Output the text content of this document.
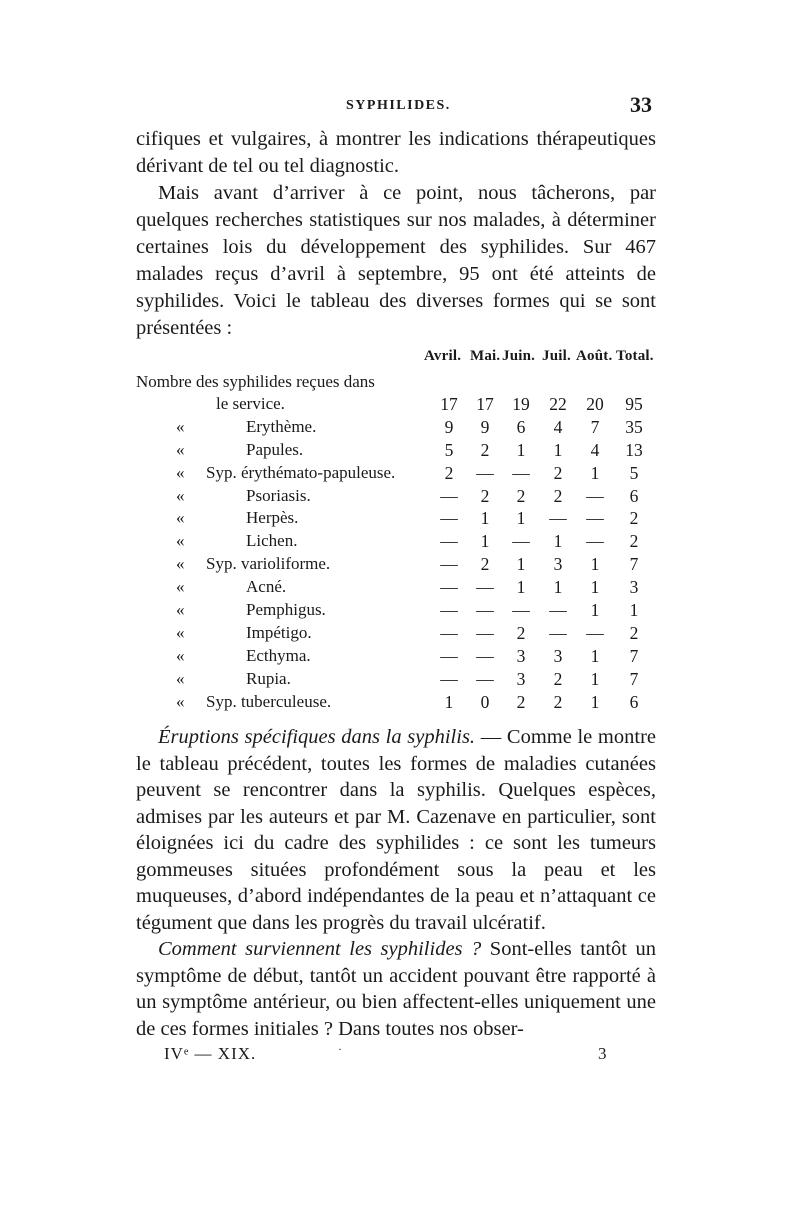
SYPHILIDES.	33

cifiques et vulgaires, à montrer les indications thérapeutiques dérivant de tel ou tel diagnostic.

Mais avant d’arriver à ce point, nous tâcherons, par quelques recherches statistiques sur nos malades, à déterminer certaines lois du développement des syphilides. Sur 467 malades reçus d’avril à septembre, 95 ont été atteints de syphilides. Voici le tableau des diverses formes qui se sont présentées :

Avril. Mai. Juin. Juil. Août. Total.
Nombre des syphilides reçues dans
le service.	17 17 19 22 20 95
«	Erythème.	9	9	6	4	7	35
«	Papules.	5	2	1	1	4	13
« Syp. érythémato-papuleuse.	2	— —	2	1	5
«	Psoriasis.	—	2	2	2	—	6
«	Herpès.	—	1	1	— —	2
«	Lichen.	—	1	—	1	—	2
« Syp. varioliforme.	—	2	1	3	1	7
«	Acné.	— —	1	1	1	3
«	Pemphigus.	— — — —	1	1
«	Impétigo.	— —	2	— —	2
«	Ecthyma.	— —	3	3	1	7
«	Rupia.	— —	3	2	1	7
« Syp. tuberculeuse.	1	0	2	2	1	6

Éruptions spécifiques dans la syphilis. — Comme le montre le tableau précédent, toutes les formes de maladies cutanées peuvent se rencontrer dans la syphilis. Quelques espèces, admises par les auteurs et par M. Cazenave en particulier, sont éloignées ici du cadre des syphilides : ce sont les tumeurs gommeuses situées profondément sous la peau et les muqueuses, d’abord indépendantes de la peau et n’attaquant ce tégument que dans les progrès du travail ulcératif.

Comment surviennent les syphilides ? Sont-elles tantôt un symptôme de début, tantôt un accident pouvant être rapporté à un symptôme antérieur, ou bien affectent-elles uniquement une de ces formes initiales ? Dans toutes nos obser-

IVᵉ — XIX.	·	3
